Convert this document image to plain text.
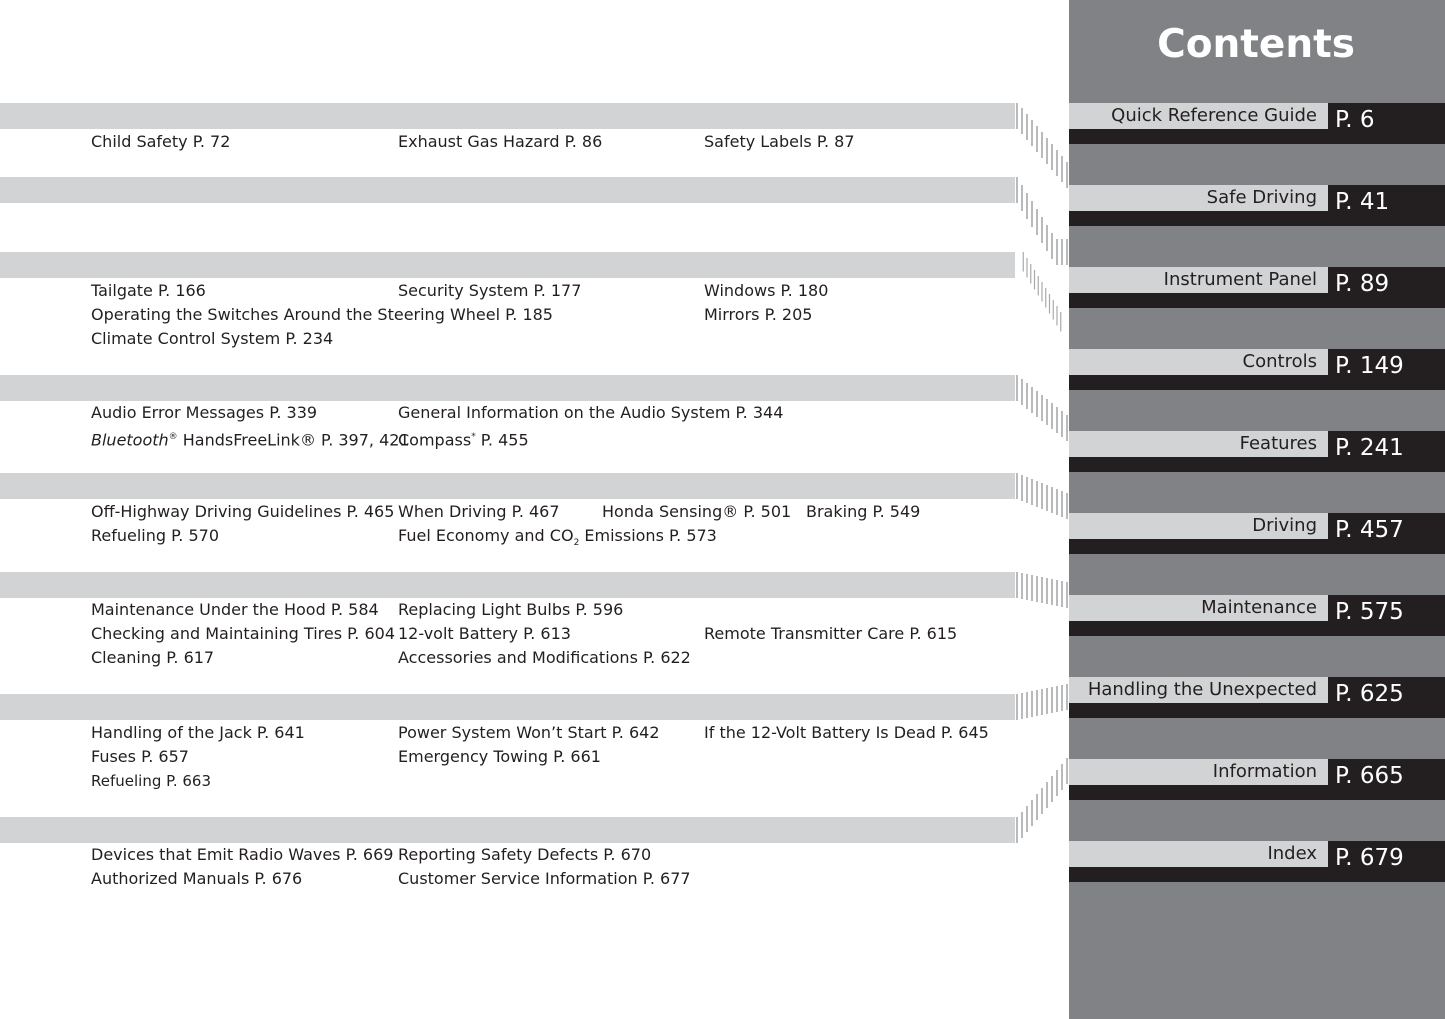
Contents
Quick Reference Guide P. 6
Safe Driving P. 41
Instrument Panel P. 89
Controls P. 149
Features P. 241
Driving P. 457
Maintenance P. 575
Handling the Unexpected P. 625
Information P. 665
Index P. 679
Child Safety P. 72	Exhaust Gas Hazard P. 86	Safety Labels P. 87
Tailgate P. 166	Security System P. 177	Windows P. 180
Operating the Switches Around the Steering Wheel P. 185	Mirrors P. 205
Climate Control System P. 234
Audio Error Messages P. 339	General Information on the Audio System P. 344
Bluetooth® HandsFreeLink® P. 397, 421
Compass* P. 455
Off-Highway Driving Guidelines P. 465 When Driving P. 467	Honda Sensing® P. 501 Braking P. 549
Refueling P. 570	Fuel Economy and $CO_2$ Emissions P. 573
Maintenance Under the Hood P. 584 Replacing Light Bulbs P. 596
Checking and Maintaining Tires P. 604 12-volt Battery P. 613	Remote Transmitter Care P. 615
Cleaning P. 617	Accessories and Modifications P. 622
Handling of the Jack P. 641	Power System Won’t Start P. 642	If the 12-Volt Battery Is Dead P. 645
Fuses P. 657	Emergency Towing P. 661
Refueling P. 663
Devices that Emit Radio Waves P. 669 Reporting Safety Defects P. 670
Authorized Manuals P. 676	Customer Service Information P. 677
